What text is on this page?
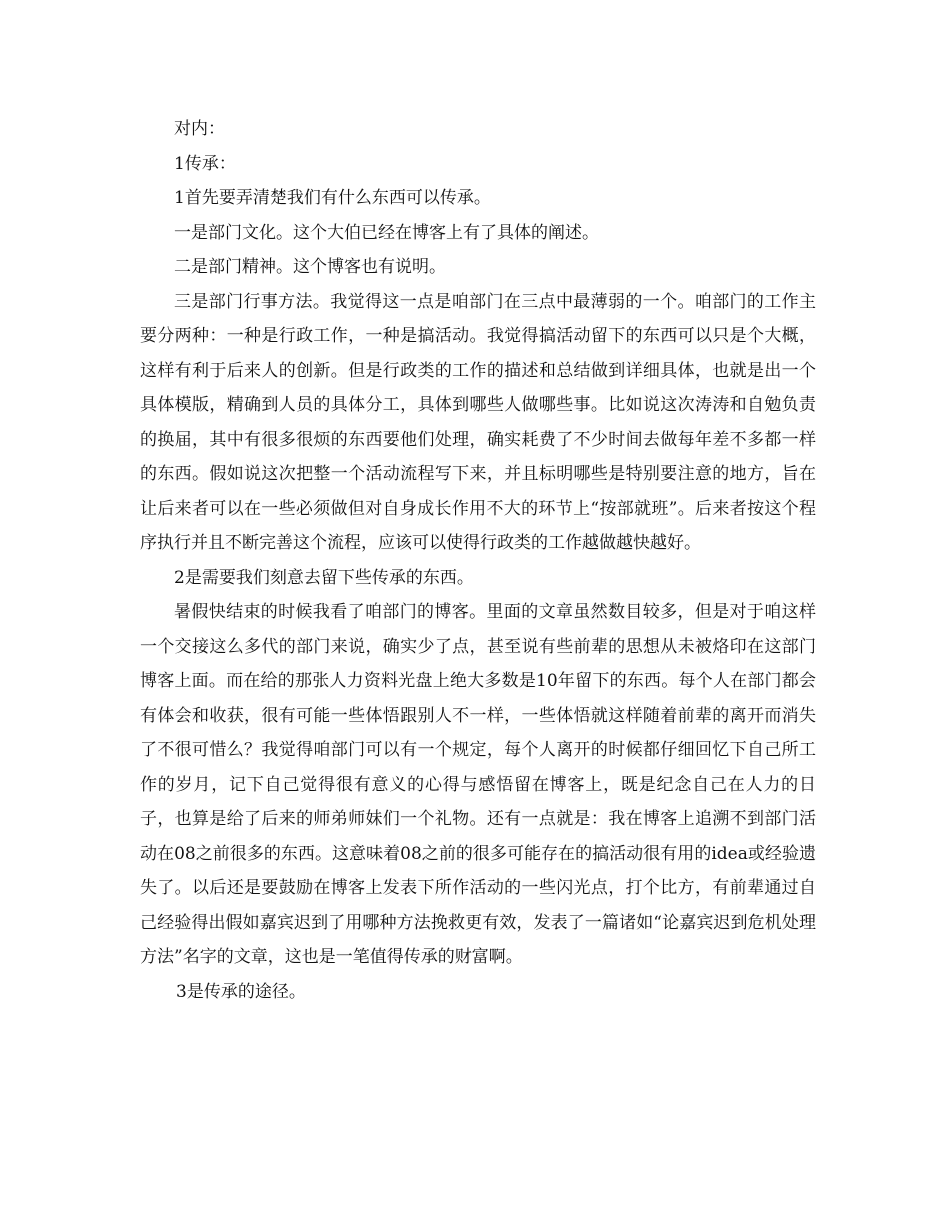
对内：

1传承：

1首先要弄清楚我们有什么东西可以传承。

一是部门文化。这个大伯已经在博客上有了具体的阐述。

二是部门精神。这个博客也有说明。

三是部门行事方法。我觉得这一点是咱部门在三点中最薄弱的一个。咱部门的工作主要分两种：一种是行政工作，一种是搞活动。我觉得搞活动留下的东西可以只是个大概，这样有利于后来人的创新。但是行政类的工作的描述和总结做到详细具体，也就是出一个具体模版，精确到人员的具体分工，具体到哪些人做哪些事。比如说这次涛涛和自勉负责的换届，其中有很多很烦的东西要他们处理，确实耗费了不少时间去做每年差不多都一样的东西。假如说这次把整一个活动流程写下来，并且标明哪些是特别要注意的地方，旨在让后来者可以在一些必须做但对自身成长作用不大的环节上“按部就班”。后来者按这个程序执行并且不断完善这个流程，应该可以使得行政类的工作越做越快越好。

2是需要我们刻意去留下些传承的东西。

暑假快结束的时候我看了咱部门的博客。里面的文章虽然数目较多，但是对于咱这样一个交接这么多代的部门来说，确实少了点，甚至说有些前辈的思想从未被烙印在这部门博客上面。而在给的那张人力资料光盘上绝大多数是10年留下的东西。每个人在部门都会有体会和收获，很有可能一些体悟跟别人不一样，一些体悟就这样随着前辈的离开而消失了不很可惜么？我觉得咱部门可以有一个规定，每个人离开的时候都仔细回忆下自己所工作的岁月，记下自己觉得很有意义的心得与感悟留在博客上，既是纪念自己在人力的日子，也算是给了后来的师弟师妹们一个礼物。还有一点就是：我在博客上追溯不到部门活动在08之前很多的东西。这意味着08之前的很多可能存在的搞活动很有用的idea或经验遗失了。以后还是要鼓励在博客上发表下所作活动的一些闪光点，打个比方，有前辈通过自己经验得出假如嘉宾迟到了用哪种方法挽救更有效，发表了一篇诸如“论嘉宾迟到危机处理方法”名字的文章，这也是一笔值得传承的财富啊。

3是传承的途径。
